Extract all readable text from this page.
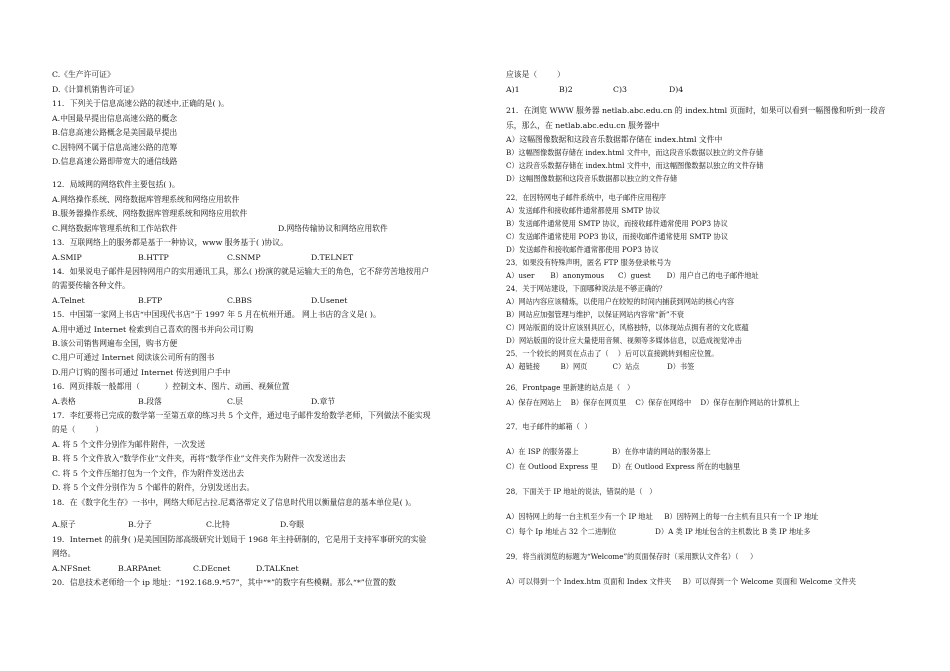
C.《生产许可证》
D.《计算机销售许可证》
11．下列关于信息高速公路的叙述中,正确的是( )。
A.中国最早提出信息高速公路的概念
B.信息高速公路概念是美国最早提出
C.因特网不属于信息高速公路的范筹
D.信息高速公路即带宽大的通信线路
12．局域网的网络软件主要包括( )。
A.网络操作系统、网络数据库管理系统和网络应用软件
B.服务器操作系统、网络数据库管理系统和网络应用软件
C.网络数据库管理系统和工作站软件	D.网络传输协议和网络应用软件
13．互联网络上的服务都是基于一种协议，www 服务基于( )协议。
A.SMIP	B.HTTP	C.SNMP	D.TELNET
14．如果说电子邮件是因特网用户的实用通讯工具，那么( )扮演的就是运输大王的角色，它不辞劳苦地按用户
的需要传输各种文件。
A.Telnet	B.FTP	C.BBS	D.Usenet
15．中国第一家网上书店“中国现代书店”于 1997 年 5 月在杭州开通。 网上书店的含义是( )。
A.用中通过 Internet 检索到自己喜欢的图书并向公司订购
B.该公司销售网遍布全国，购书方便
C.用户可通过 Internet 阅读该公司所有的图书
D.用户订购的图书可通过 Internet 传送到用户手中
16．网页排版一般都用（          ）控制文本、图片、动画、视频位置
A.表格	B.段落	C.层	D.章节
17．李红要将已完成的数学第一至第五章的练习共 5 个文件，通过电子邮件发给数学老师，下列做法不能实现
的是（        ）
A. 将 5 个文件分别作为邮件附件，一次发送
B. 将 5 个文件放入“数学作业”文件夹，再将“数学作业”文件夹作为附件一次发送出去
C. 将 5 个文件压缩打包为一个文件，作为附件发送出去
D. 将 5 个文件分别作为 5 个邮件的附件，分别发送出去。
18．在《数字化生存》一书中，网络大师尼古拉.尼葛洛蒂定义了信息时代用以衡量信息的基本单位是( )。
A.原子	B.分子	C.比特	D.夸眼
19．Internet 的前身( )是美国国防部高级研究计划局于 1968 年主持研制的，它是用于支持军事研究的实验
网络。
A.NFSnet	B.ARPAnet	C.DEcnet	D.TALKnet
20．信息技术老师给一个 ip 地址：“192.168.9.*57”，其中“*”的数字有些模糊。那么“*”位置的数
应该是（        ）
A)1	B)2	C)3	D)4
21．在浏览 WWW 服务器 netlab.abc.edu.cn 的 index.html 页面时，如果可以看到一幅图像和听到一段音
乐，那么，在 netlab.abc.edu.cn 服务器中
A）这幅图像数据和这段音乐数据都存储在 index.html 文件中
B）这幅图像数据存储在 index.html 文件中，而这段音乐数据以独立的文件存储
C）这段音乐数据存储在 index.html 文件中，而这幅图像数据以独立的文件存储
D）这幅图像数据和这段音乐数据都以独立的文件存储
22．在因特网电子邮件系统中，电子邮件应用程序
A）发送邮件和接收邮件通常都使用 SMTP 协议
B）发送邮件通常使用 SMTP 协议，而接收邮件通常使用 POP3 协议
C）发送邮件通常使用 POP3 协议，而接收邮件通常使用 SMTP 协议
D）发送邮件和接收邮件通常都使用 POP3 协议
23．如果没有特殊声明，匿名 FTP 服务登录帐号为
A）user       B）anonymous      C）guest       D）用户自己的电子邮件地址
24．关于网站建设，下面哪种说法是不够正确的？
A）网站内容应该精炼，以使用户在较短的时间内捕获到网站的核心内容
B）网站应加强管理与维护，以保证网站内容常“新”不衰
C）网站版面的设计应该别具匠心，风格独特，以体现站点拥有者的文化底蕴
D）网站版面的设计应大量使用音频、视频等多媒体信息，以造成视觉冲击
25．一个较长的网页在点击了（    ）后可以直接跳转到相应位置。
A）超链接         B）网页           C）站点            D）书签
26．Frontpage 里新建的站点是（   ）
A）保存在网站上    B）保存在网页里    C）保存在网络中    D）保存在制作网站的计算机上
27．电子邮件的邮箱（  ）
A）在 ISP 的服务器上	B）在你申请的网站的服务器上
C）在 Outlood Express 里 D）在 Outlood Express 所在的电脑里
28．下面关于 IP 地址的说法，错误的是（   ）
A）因特网上的每一台主机至少有一个 IP 地址     B）因特网上的每一台主机有且只有一个 IP 地址
C）每个 Ip 地址占 32 个二进制位                 D）A 类 IP 地址包含的主机数比 B 类 IP 地址多
29．将当前浏览的标题为“Welcome”的页面保存时（采用默认文件名）（     ）
A）可以得到一个 Index.htm 页面和 Index 文件夹     B）可以得到一个 Welcome 页面和 Welcome 文件夹
